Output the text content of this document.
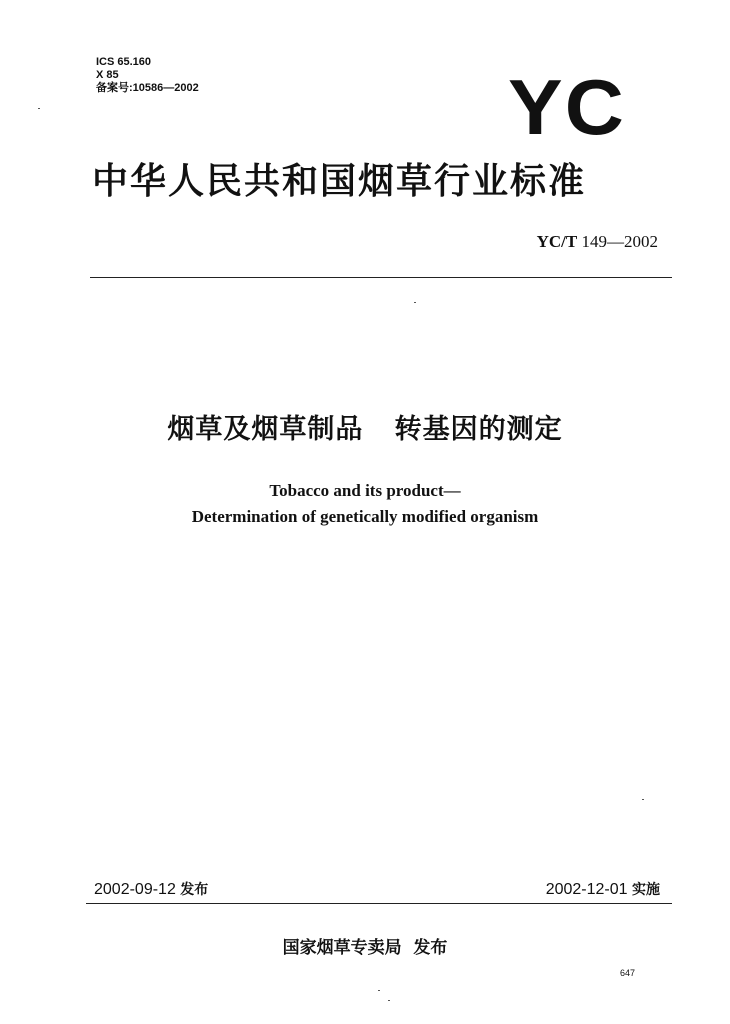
ICS 65.160
X 85
备案号:10586—2002	YC
中华人民共和国烟草行业标准
YC/T 149—2002
烟草及烟草制品   转基因的测定
Tobacco and its product—
Determination of genetically modified organism
2002-09-12 发布	2002-12-01 实施
国家烟草专卖局  发布
647
